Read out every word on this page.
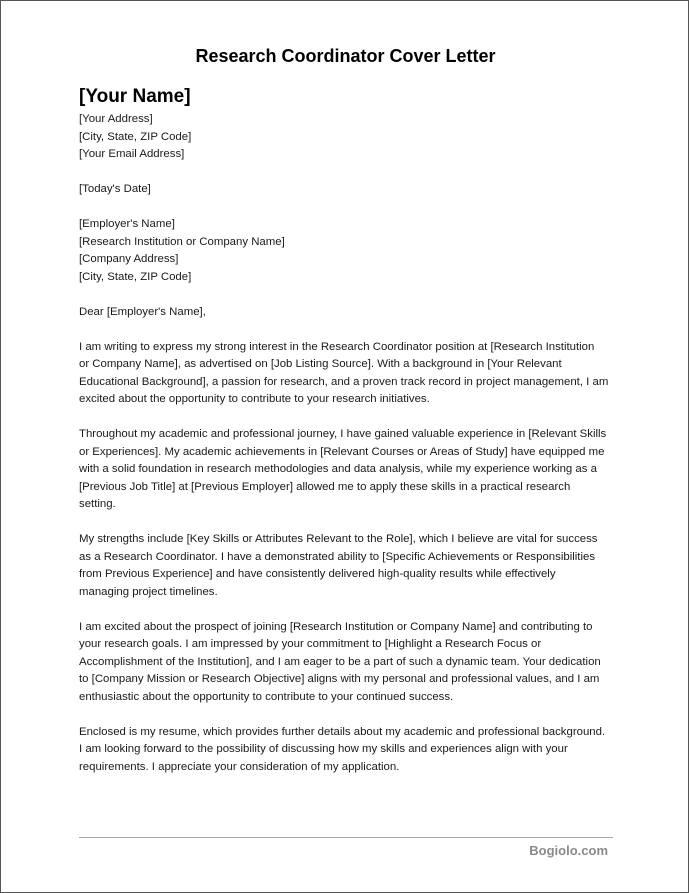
Research Coordinator Cover Letter
[Your Name]
[Your Address]
[City, State, ZIP Code]
[Your Email Address]
[Today's Date]
[Employer's Name]
[Research Institution or Company Name]
[Company Address]
[City, State, ZIP Code]
Dear [Employer's Name],
I am writing to express my strong interest in the Research Coordinator position at [Research Institution
or Company Name], as advertised on [Job Listing Source]. With a background in [Your Relevant
Educational Background], a passion for research, and a proven track record in project management, I am
excited about the opportunity to contribute to your research initiatives.
Throughout my academic and professional journey, I have gained valuable experience in [Relevant Skills
or Experiences]. My academic achievements in [Relevant Courses or Areas of Study] have equipped me
with a solid foundation in research methodologies and data analysis, while my experience working as a
[Previous Job Title] at [Previous Employer] allowed me to apply these skills in a practical research
setting.
My strengths include [Key Skills or Attributes Relevant to the Role], which I believe are vital for success
as a Research Coordinator. I have a demonstrated ability to [Specific Achievements or Responsibilities
from Previous Experience] and have consistently delivered high-quality results while effectively
managing project timelines.
I am excited about the prospect of joining [Research Institution or Company Name] and contributing to
your research goals. I am impressed by your commitment to [Highlight a Research Focus or
Accomplishment of the Institution], and I am eager to be a part of such a dynamic team. Your dedication
to [Company Mission or Research Objective] aligns with my personal and professional values, and I am
enthusiastic about the opportunity to contribute to your continued success.
Enclosed is my resume, which provides further details about my academic and professional background.
I am looking forward to the possibility of discussing how my skills and experiences align with your
requirements. I appreciate your consideration of my application.
Bogiolo.com
